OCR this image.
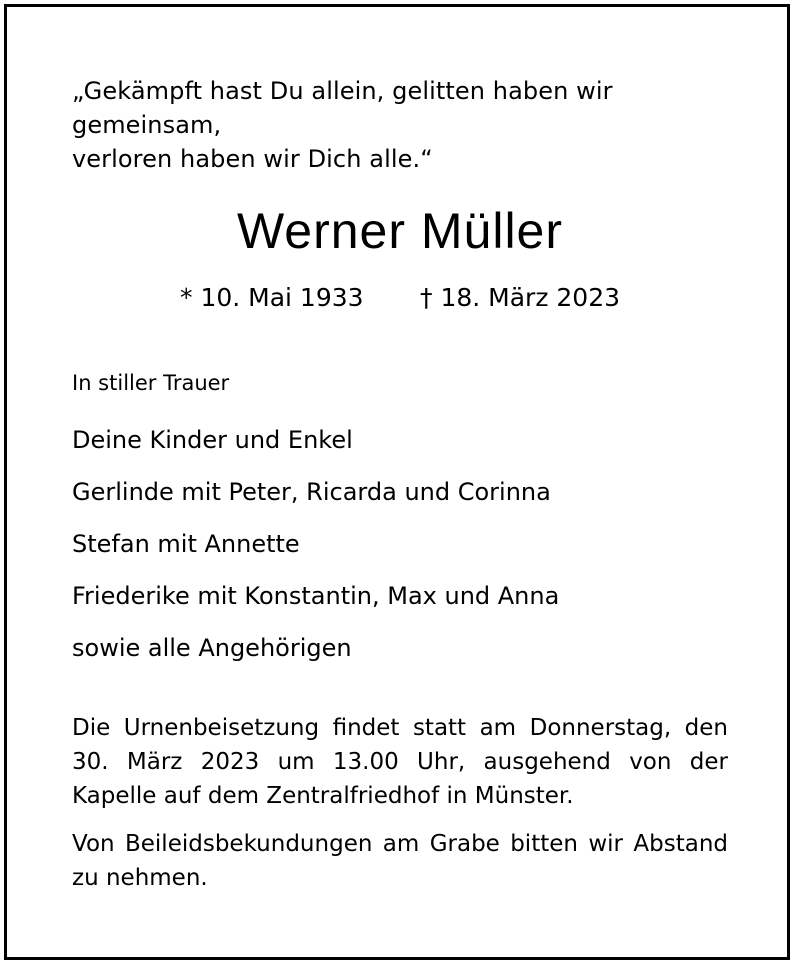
„Gekämpft hast Du allein, gelitten haben wir gemeinsam,

verloren haben wir Dich alle.“

Werner Müller
* 10. Mai 1933 † 18. März 2023
In stiller Trauer
Deine Kinder und Enkel
Gerlinde mit Peter, Ricarda und Corinna
Stefan mit Annette
Friederike mit Konstantin, Max und Anna
sowie alle Angehörigen

Die Urnenbeisetzung findet statt am Donnerstag, den 30. März 2023 um 13.00 Uhr, ausgehend von der Kapelle auf dem Zentralfriedhof in Münster.

Von Beileidsbekundungen am Grabe bitten wir Abstand zu nehmen.
